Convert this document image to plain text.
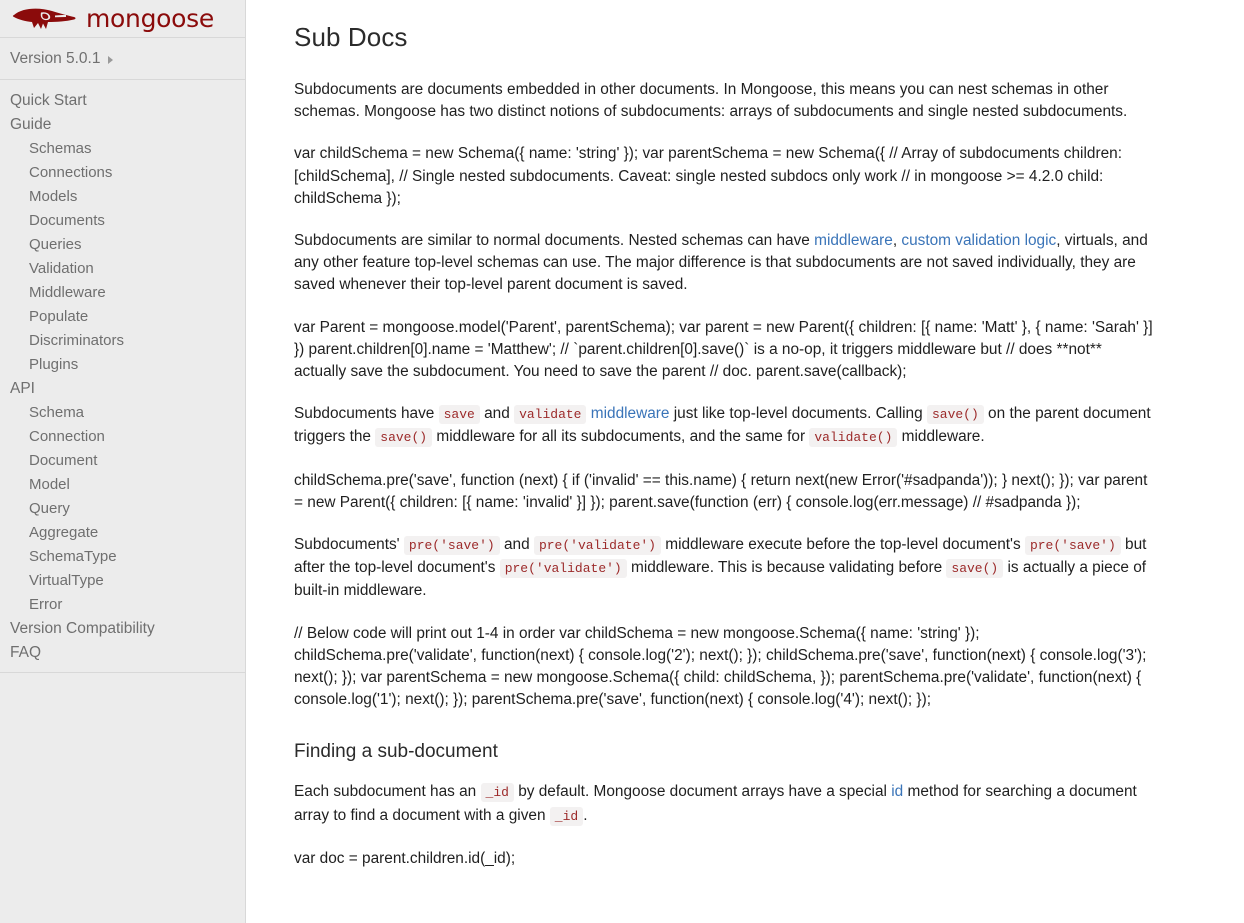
mongoose
Version 5.0.1
Quick Start
Guide
Schemas
Connections
Models
Documents
Queries
Validation
Middleware
Populate
Discriminators
Plugins
API
Schema
Connection
Document
Model
Query
Aggregate
SchemaType
VirtualType
Error
Version Compatibility
FAQ
Sub Docs

Subdocuments are documents embedded in other documents. In Mongoose, this means you can nest schemas in other schemas. Mongoose has two distinct notions of subdocuments: arrays of subdocuments and single nested subdocuments.

var childSchema = new Schema({ name: 'string' }); var parentSchema = new Schema({ // Array of subdocuments children: [childSchema], // Single nested subdocuments. Caveat: single nested subdocs only work // in mongoose >= 4.2.0 child: childSchema });

Subdocuments are similar to normal documents. Nested schemas can have middleware, custom validation logic, virtuals, and any other feature top-level schemas can use. The major difference is that subdocuments are not saved individually, they are saved whenever their top-level parent document is saved.

var Parent = mongoose.model('Parent', parentSchema); var parent = new Parent({ children: [{ name: 'Matt' }, { name: 'Sarah' }] }) parent.children[0].name = 'Matthew'; // `parent.children[0].save()` is a no-op, it triggers middleware but // does **not** actually save the subdocument. You need to save the parent // doc. parent.save(callback);

Subdocuments have save and validate middleware just like top-level documents. Calling save() on the parent document triggers the save() middleware for all its subdocuments, and the same for validate() middleware.

childSchema.pre('save', function (next) { if ('invalid' == this.name) { return next(new Error('#sadpanda')); } next(); }); var parent = new Parent({ children: [{ name: 'invalid' }] }); parent.save(function (err) { console.log(err.message) // #sadpanda });

Subdocuments' pre('save') and pre('validate') middleware execute before the top-level document's pre('save') but after the top-level document's pre('validate') middleware. This is because validating before save() is actually a piece of built-in middleware.

// Below code will print out 1-4 in order var childSchema = new mongoose.Schema({ name: 'string' }); childSchema.pre('validate', function(next) { console.log('2'); next(); }); childSchema.pre('save', function(next) { console.log('3'); next(); }); var parentSchema = new mongoose.Schema({ child: childSchema, }); parentSchema.pre('validate', function(next) { console.log('1'); next(); }); parentSchema.pre('save', function(next) { console.log('4'); next(); });

Finding a sub-document

Each subdocument has an _id by default. Mongoose document arrays have a special id method for searching a document array to find a document with a given _id .

var doc = parent.children.id(_id);
